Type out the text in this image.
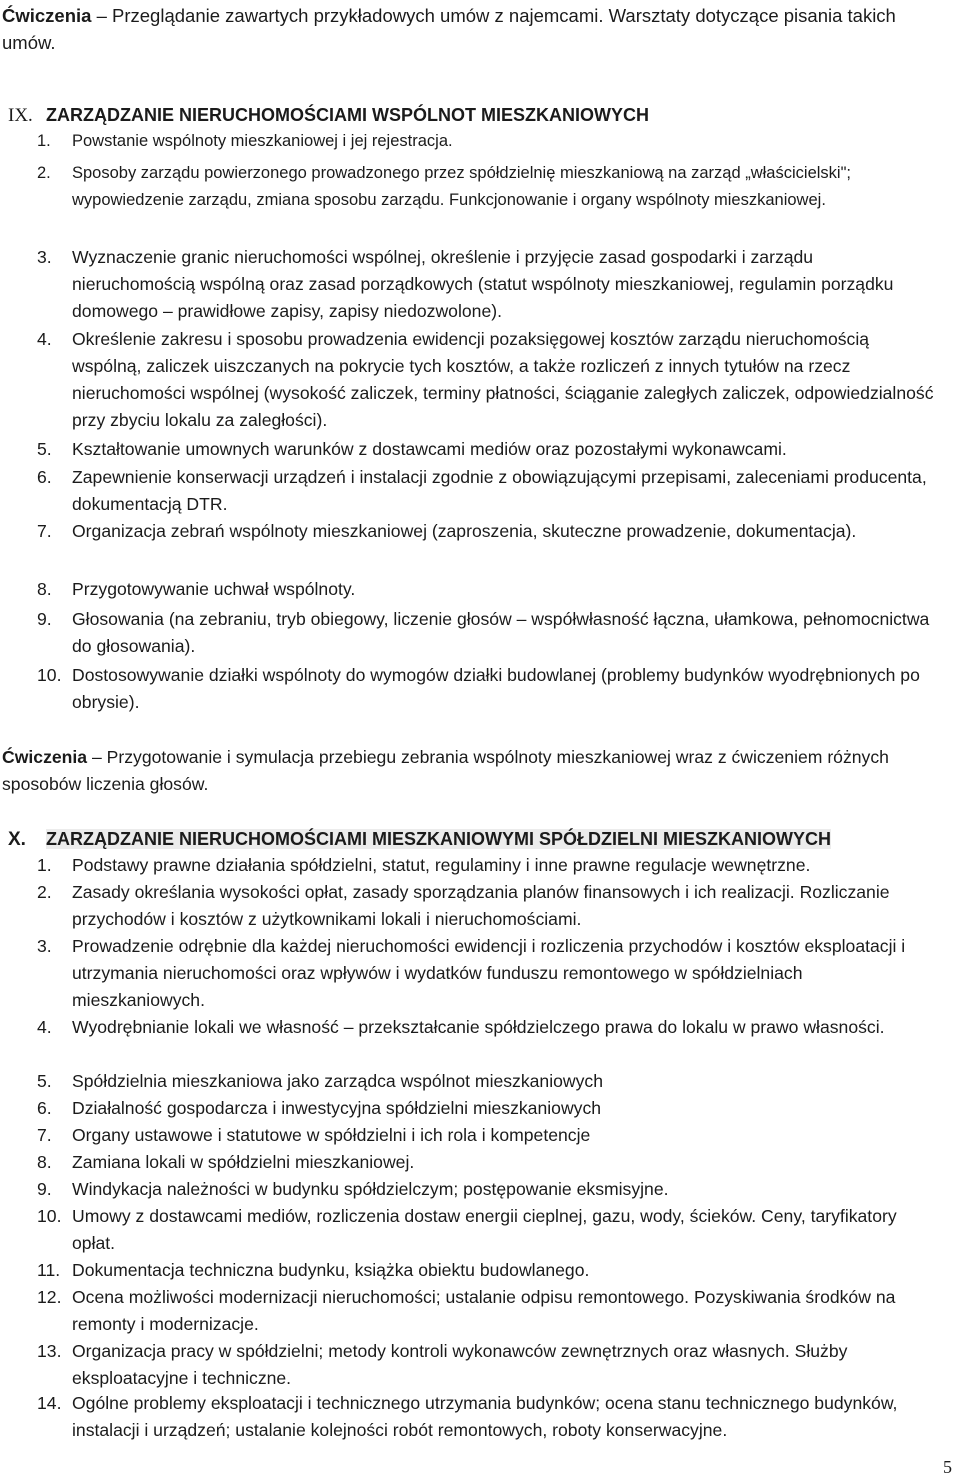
Ćwiczenia – Przeglądanie zawartych przykładowych umów z najemcami. Warsztaty dotyczące pisania takich umów.
IX. ZARZĄDZANIE NIERUCHOMOŚCIAMI WSPÓLNOT MIESZKANIOWYCH
1.	Powstanie wspólnoty mieszkaniowej i jej rejestracja.
2.	Sposoby zarządu powierzonego prowadzonego przez spółdzielnię mieszkaniową na zarząd „właścicielski"; wypowiedzenie zarządu, zmiana sposobu zarządu. Funkcjonowanie i organy wspólnoty mieszkaniowej.
3.	Wyznaczenie granic nieruchomości wspólnej, określenie i przyjęcie zasad gospodarki i zarządu nieruchomością wspólną oraz zasad porządkowych (statut wspólnoty mieszkaniowej, regulamin porządku domowego – prawidłowe zapisy, zapisy niedozwolone).
4.	Określenie zakresu i sposobu prowadzenia ewidencji pozaksięgowej kosztów zarządu nieruchomością wspólną, zaliczek uiszczanych na pokrycie tych kosztów, a także rozliczeń z innych tytułów na rzecz nieruchomości wspólnej (wysokość zaliczek, terminy płatności, ściąganie zaległych zaliczek, odpowiedzialność przy zbyciu lokalu za zaległości).
5.	Kształtowanie umownych warunków z dostawcami mediów oraz pozostałymi wykonawcami.
6.	Zapewnienie konserwacji urządzeń i instalacji zgodnie z obowiązującymi przepisami, zaleceniami producenta, dokumentacją DTR.
7.	Organizacja zebrań wspólnoty mieszkaniowej (zaproszenia, skuteczne prowadzenie, dokumentacja).
8.	Przygotowywanie uchwał wspólnoty.
9.	Głosowania (na zebraniu, tryb obiegowy, liczenie głosów – współwłasność łączna, ułamkowa, pełnomocnictwa do głosowania).
10. Dostosowywanie działki wspólnoty do wymogów działki budowlanej (problemy budynków wyodrębnionych po obrysie).
Ćwiczenia – Przygotowanie i symulacja przebiegu zebrania wspólnoty mieszkaniowej wraz z ćwiczeniem różnych sposobów liczenia głosów.
X. ZARZĄDZANIE NIERUCHOMOŚCIAMI MIESZKANIOWYMI SPÓŁDZIELNI MIESZKANIOWYCH
1.	Podstawy prawne działania spółdzielni, statut, regulaminy i inne prawne regulacje wewnętrzne.
2.	Zasady określania wysokości opłat, zasady sporządzania planów finansowych i ich realizacji. Rozliczanie przychodów i kosztów z użytkownikami lokali i nieruchomościami.
3.	Prowadzenie odrębnie dla każdej nieruchomości ewidencji i rozliczenia przychodów i kosztów eksploatacji i utrzymania nieruchomości oraz wpływów i wydatków funduszu remontowego w spółdzielniach mieszkaniowych.
4.	Wyodrębnianie lokali we własność – przekształcanie spółdzielczego prawa do lokalu w prawo własności.
5.	Spółdzielnia mieszkaniowa jako zarządca wspólnot mieszkaniowych
6.	Działalność gospodarcza i inwestycyjna spółdzielni mieszkaniowych
7.	Organy ustawowe i statutowe w spółdzielni i ich rola i kompetencje
8.	Zamiana lokali w spółdzielni mieszkaniowej.
9.	Windykacja należności w budynku spółdzielczym; postępowanie eksmisyjne.
10. Umowy z dostawcami mediów, rozliczenia dostaw energii cieplnej, gazu, wody, ścieków. Ceny, taryfikatory opłat.
11. Dokumentacja techniczna budynku, książka obiektu budowlanego.
12. Ocena możliwości modernizacji nieruchomości; ustalanie odpisu remontowego. Pozyskiwania środków na remonty i modernizacje.
13. Organizacja pracy w spółdzielni; metody kontroli wykonawców zewnętrznych oraz własnych. Służby eksploatacyjne i techniczne.
14. Ogólne problemy eksploatacji i technicznego utrzymania budynków; ocena stanu technicznego budynków, instalacji i urządzeń; ustalanie kolejności robót remontowych, roboty konserwacyjne.
5
